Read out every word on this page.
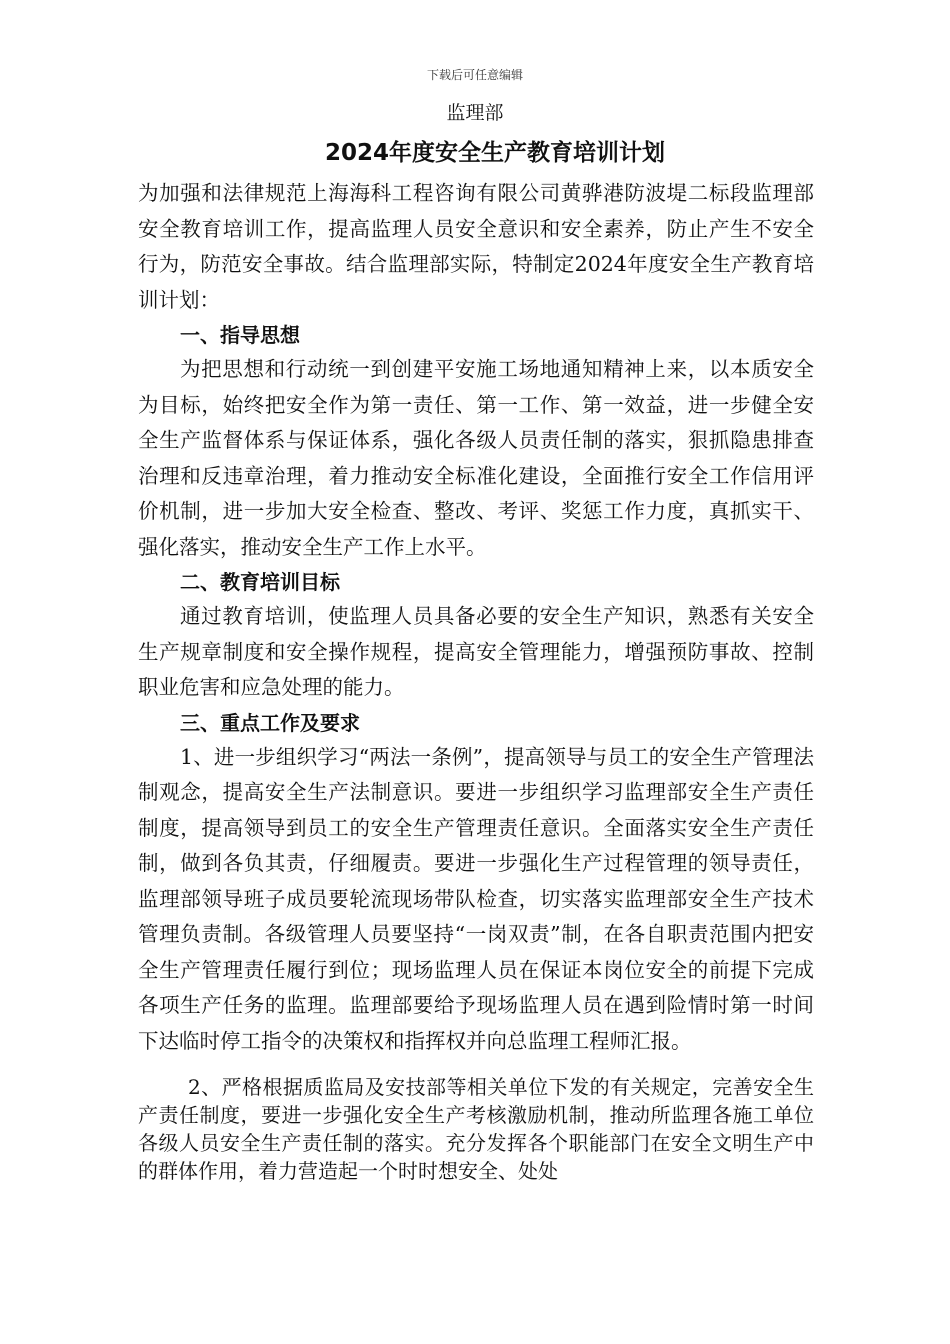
下载后可任意编辑
监理部
2024年度安全生产教育培训计划

为加强和法律规范上海海科工程咨询有限公司黄骅港防波堤二标段监理部安全教育培训工作，提高监理人员安全意识和安全素养，防止产生不安全行为，防范安全事故。结合监理部实际，特制定2024年度安全生产教育培训计划：

一、指导思想

为把思想和行动统一到创建平安施工场地通知精神上来，以本质安全为目标，始终把安全作为第一责任、第一工作、第一效益，进一步健全安全生产监督体系与保证体系，强化各级人员责任制的落实，狠抓隐患排查治理和反违章治理，着力推动安全标准化建设，全面推行安全工作信用评价机制，进一步加大安全检查、整改、考评、奖惩工作力度，真抓实干、强化落实，推动安全生产工作上水平。

二、教育培训目标

通过教育培训，使监理人员具备必要的安全生产知识，熟悉有关安全生产规章制度和安全操作规程，提高安全管理能力，增强预防事故、控制职业危害和应急处理的能力。

三、重点工作及要求

1、进一步组织学习“两法一条例”，提高领导与员工的安全生产管理法制观念，提高安全生产法制意识。要进一步组织学习监理部安全生产责任制度，提高领导到员工的安全生产管理责任意识。全面落实安全生产责任制，做到各负其责，仔细履责。要进一步强化生产过程管理的领导责任，监理部领导班子成员要轮流现场带队检查，切实落实监理部安全生产技术管理负责制。各级管理人员要坚持“一岗双责”制，在各自职责范围内把安全生产管理责任履行到位；现场监理人员在保证本岗位安全的前提下完成各项生产任务的监理。监理部要给予现场监理人员在遇到险情时第一时间下达临时停工指令的决策权和指挥权并向总监理工程师汇报。

2、严格根据质监局及安技部等相关单位下发的有关规定，完善安全生产责任制度，要进一步强化安全生产考核激励机制，推动所监理各施工单位各级人员安全生产责任制的落实。充分发挥各个职能部门在安全文明生产中的群体作用，着力营造起一个时时想安全、处处
